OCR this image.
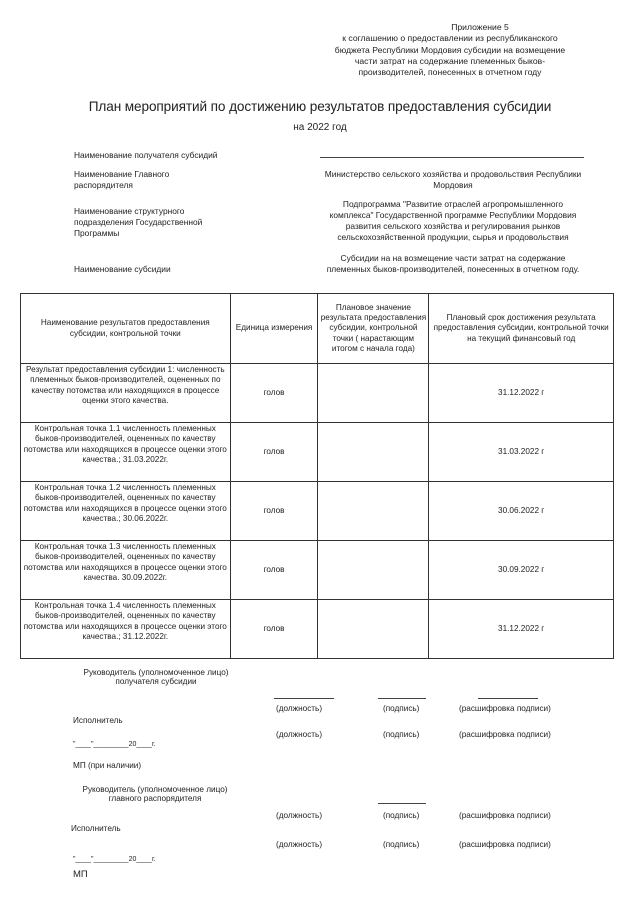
Приложение 5
к соглашению о предоставлении из республиканского
бюджета Республики Мордовия субсидии на возмещение
части затрат на содержание племенных быков-
производителей, понесенных в отчетном году
План мероприятий по достижению результатов предоставления субсидии
на 2022 год
Наименование получателя субсидий
Наименование Главного
распорядителя
Министерство сельского хозяйства и продовольствия Республики
Мордовия
Наименование структурного
подразделения Государственной
Программы
Подпрограмма "Развитие отраслей агропромышленного
комплекса" Государственной программе Республики Мордовия
развития сельского хозяйства и регулирования рынков
сельскохозяйственной продукции, сырья и продовольствия
Наименование субсидии
Субсидии на на возмещение части затрат на содержание
племенных быков-производителей, понесенных в отчетном году.
Наименование результатов предоставления субсидии, контрольной точки	Единица измерения	Плановое значение результата предоставления субсидии, контрольной точки ( нарастающим итогом с начала года)	Плановый срок достижения результата предоставления субсидии, контрольной точки на текущий финансовый год
Результат предоставления субсидии 1: численность племенных быков-производителей, оцененных по качеству потомства или находящихся в процессе оценки этого качества.	голов		31.12.2022 г
Контрольная точка 1.1 численность племенных быков-производителей, оцененных по качеству потомства или находящихся в процессе оценки этого качества.; 31.03.2022г.	голов		31.03.2022 г
Контрольная точка 1.2 численность племенных быков-производителей, оцененных по качеству потомства или находящихся в процессе оценки этого качества.; 30.06.2022г.	голов		30.06.2022 г
Контрольная точка 1.3 численность племенных быков-производителей, оцененных по качеству потомства или находящихся в процессе оценки этого качества. 30.09.2022г.	голов		30.09.2022 г
Контрольная точка 1.4 численность племенных быков-производителей, оцененных по качеству потомства или находящихся в процессе оценки этого качества.; 31.12.2022г.	голов		31.12.2022 г
Руководитель (уполномоченное лицо)
получателя субсидии
(должность)	(подпись)	(расшифровка подписи)
Исполнитель
(должность)	(подпись)	(расшифровка подписи)
"____"_________20____г.
МП (при наличии)
Руководитель (уполномоченное лицо)
главного распорядителя
(должность)	(подпись)	(расшифровка подписи)
Исполнитель
(должность)	(подпись)	(расшифровка подписи)
"____"_________20____г.
МП
